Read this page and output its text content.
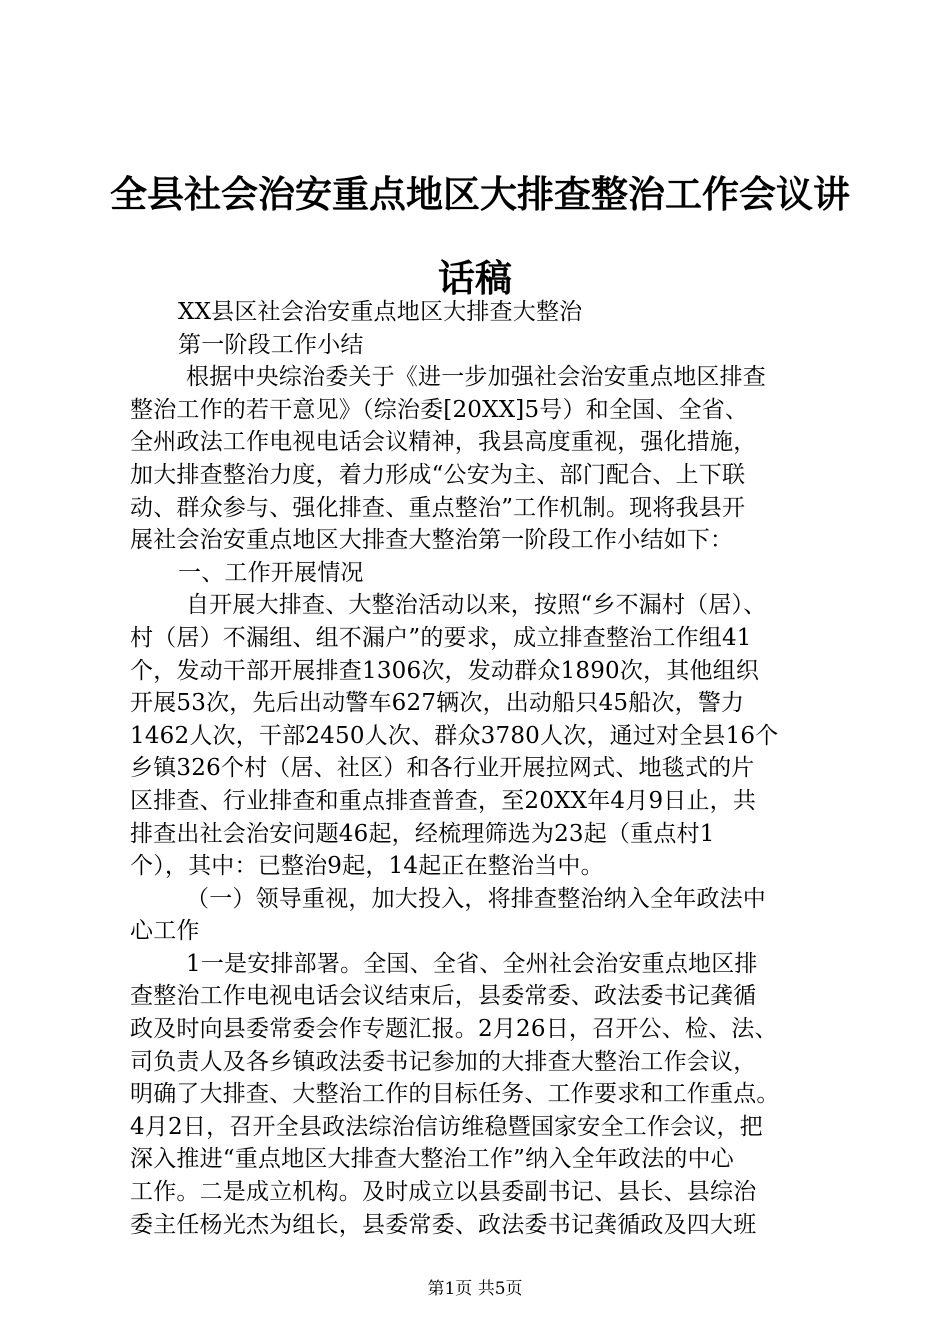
全县社会治安重点地区大排查整治工作会议讲
话稿
XX县区社会治安重点地区大排查大整治
第一阶段工作小结
根据中央综治委关于《进一步加强社会治安重点地区排查
整治工作的若干意见》（综治委[20XX]5号）和全国、全省、
全州政法工作电视电话会议精神，我县高度重视，强化措施，
加大排查整治力度，着力形成“公安为主、部门配合、上下联
动、群众参与、强化排查、重点整治”工作机制。现将我县开
展社会治安重点地区大排查大整治第一阶段工作小结如下：
一、工作开展情况
自开展大排查、大整治活动以来，按照“乡不漏村（居）、
村（居）不漏组、组不漏户”的要求，成立排查整治工作组41
个，发动干部开展排查1306次，发动群众1890次，其他组织
开展53次，先后出动警车627辆次，出动船只45船次，警力
1462人次，干部2450人次、群众3780人次，通过对全县16个
乡镇326个村（居、社区）和各行业开展拉网式、地毯式的片
区排查、行业排查和重点排查普查，至20XX年4月9日止，共
排查出社会治安问题46起，经梳理筛选为23起（重点村1
个），其中：已整治9起，14起正在整治当中。
（一）领导重视，加大投入，将排查整治纳入全年政法中
心工作
1一是安排部署。全国、全省、全州社会治安重点地区排
查整治工作电视电话会议结束后，县委常委、政法委书记龚循
政及时向县委常委会作专题汇报。2月26日，召开公、检、法、
司负责人及各乡镇政法委书记参加的大排查大整治工作会议，
明确了大排查、大整治工作的目标任务、工作要求和工作重点。
4月2日，召开全县政法综治信访维稳暨国家安全工作会议，把
深入推进“重点地区大排查大整治工作”纳入全年政法的中心
工作。二是成立机构。及时成立以县委副书记、县长、县综治
委主任杨光杰为组长，县委常委、政法委书记龚循政及四大班
第1页 共5页
